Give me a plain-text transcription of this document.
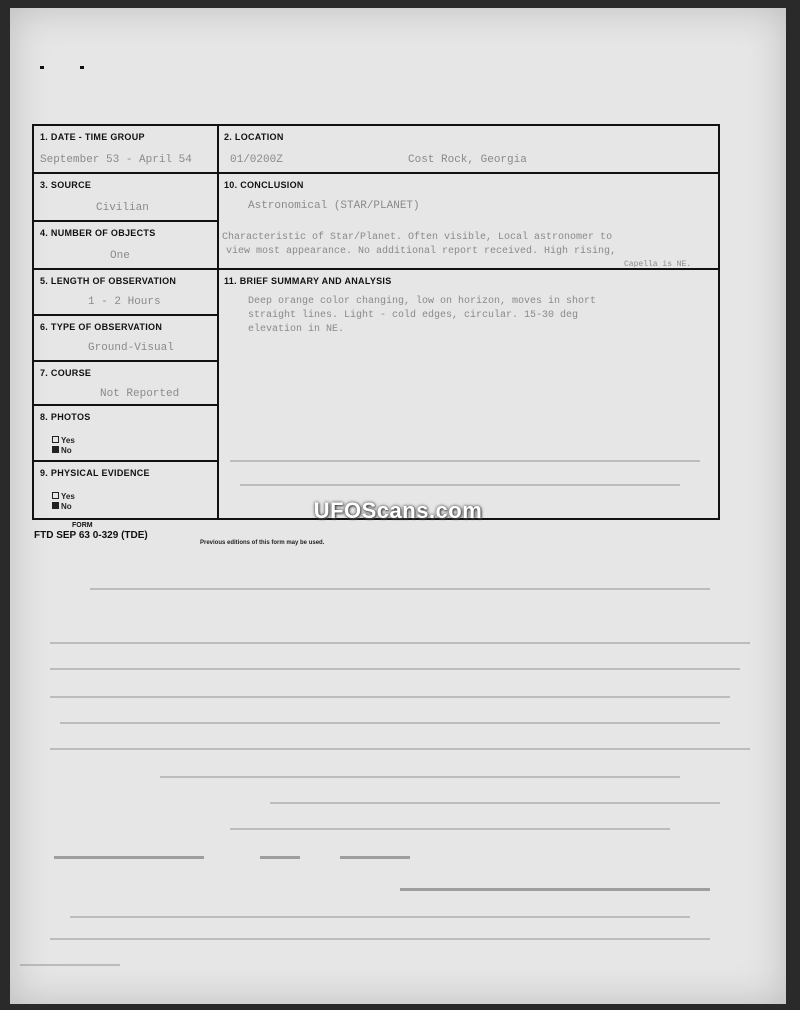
1. DATE - TIME GROUP
September 53 - April 54
2. LOCATION
01/0200Z	Cost Rock, Georgia
3. SOURCE
Civilian
10. CONCLUSION
Astronomical (STAR/PLANET)
Characteristic of Star/Planet. Often visible, Local astronomer to
view most appearance. No additional report received. High rising,
Capella is NE.
4. NUMBER OF OBJECTS
One
5. LENGTH OF OBSERVATION
1 - 2 Hours
11. BRIEF SUMMARY AND ANALYSIS
Deep orange color changing, low on horizon, moves in short
straight lines. Light - cold edges, circular. 15-30 deg
elevation in NE.
6. TYPE OF OBSERVATION
Ground-Visual
7. COURSE
Not Reported
8. PHOTOS
Yes
No
9. PHYSICAL EVIDENCE
Yes
No
FORM
FTD SEP 63 0-329 (TDE)
Previous editions of this form may be used.
UFOScans.com
